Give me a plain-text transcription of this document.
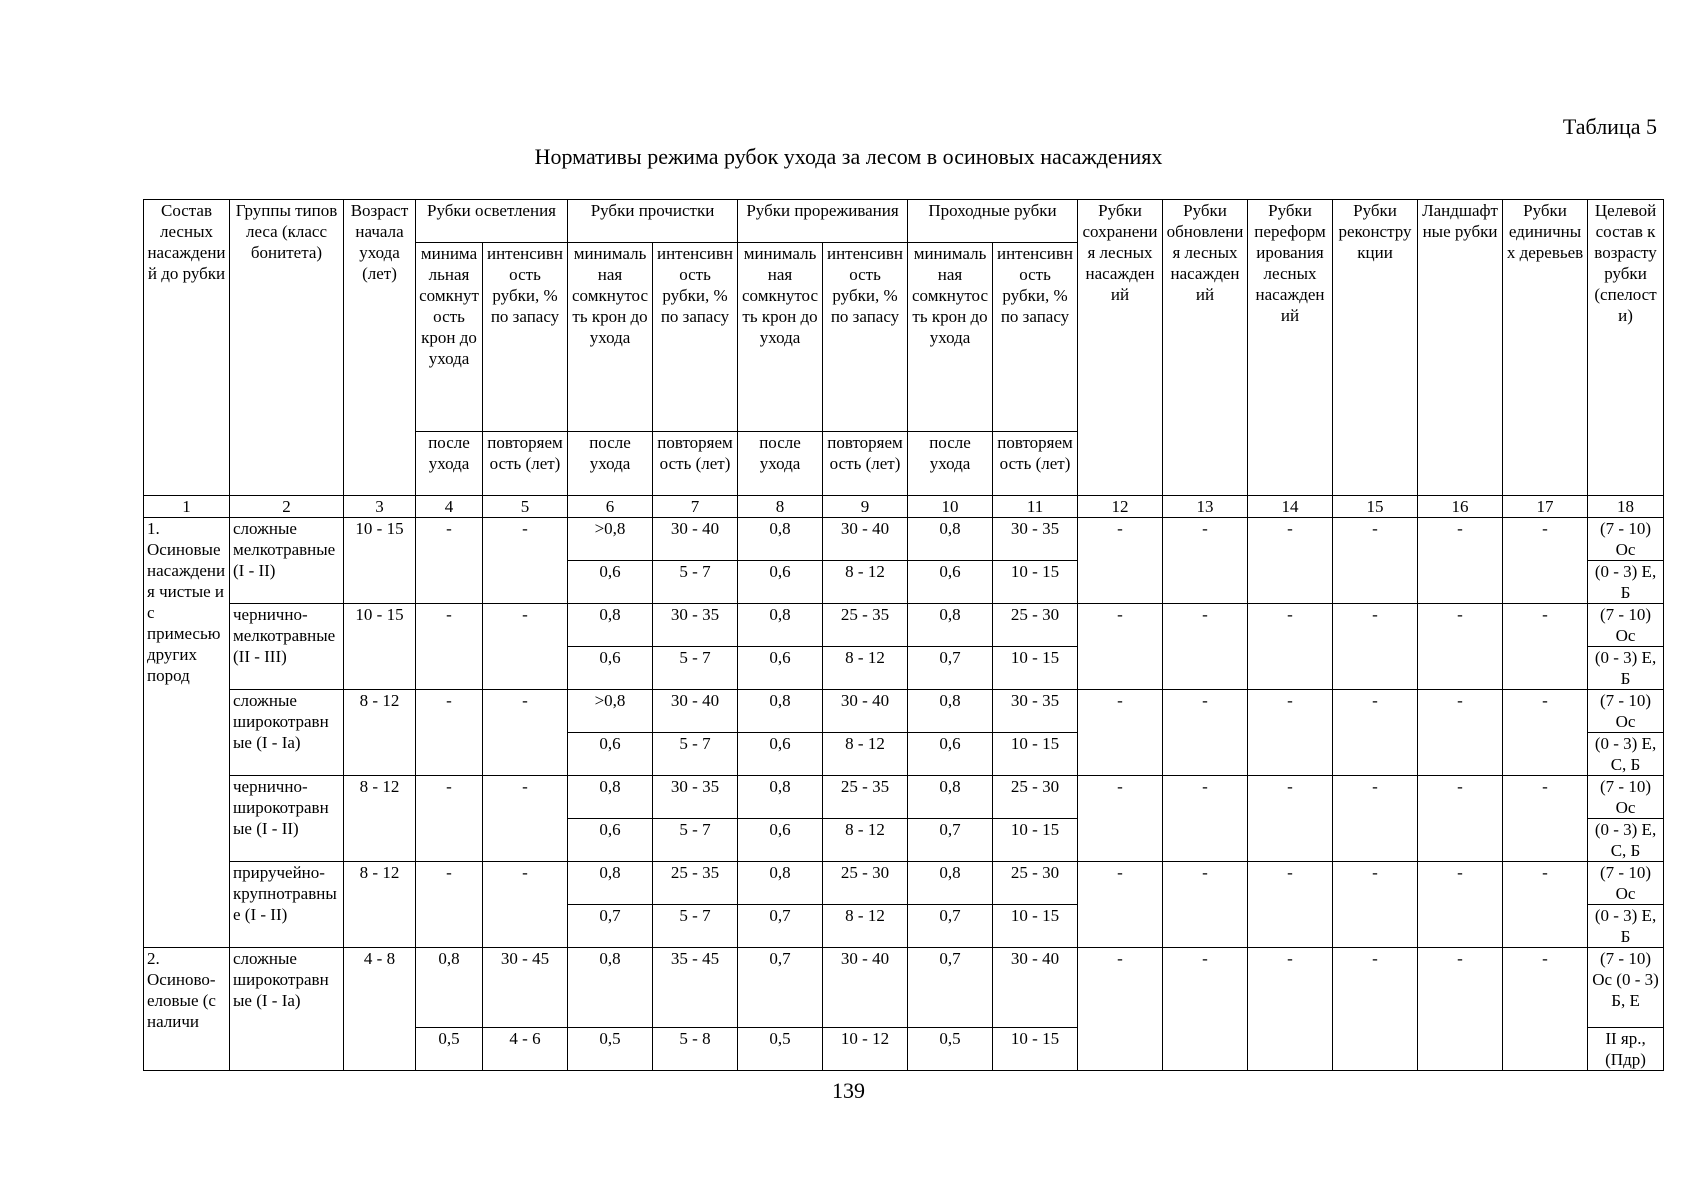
Таблица 5
Нормативы режима рубок ухода за лесом в осиновых насаждениях
Состав лесных насаждений до рубки	Группы типов леса (класс бонитета)	Возраст начала ухода (лет)	Рубки осветления		Рубки прочистки		Рубки прореживания		Проходные рубки		Рубки сохранения лесных насаждений	Рубки обновления лесных насаждений	Рубки переформирования лесных насаждений	Рубки реконструкции	Ландшафтные рубки	Рубки единичных деревьев	Целевой состав к возрасту рубки (спелости)
			минимальная сомкнутость крон до ухода	интенсивность рубки, % по запасу	минимальная сомкнутость крон до ухода	интенсивность рубки, % по запасу	минимальная сомкнутость крон до ухода	интенсивность рубки, % по запасу	минимальная сомкнутость крон до ухода	интенсивность рубки, % по запасу							
			после ухода	повторяемость (лет)	после ухода	повторяемость (лет)	после ухода	повторяемость (лет)	после ухода	повторяемость (лет)							
1	2	3	4	5	6	7	8	9	10	11	12	13	14	15	16	17	18
1. Осиновые насаждения чистые и с примесью других пород	сложные мелкотравные (I - II)	10 - 15	-	-	>0,8	30 - 40	0,8	30 - 40	0,8	30 - 35	-	-	-	-	-	-	(7 - 10) Ос
					0,6	5 - 7	0,6	8 - 12	0,6	10 - 15							(0 - 3) Е, Б
	чернично-мелкотравные (II - III)	10 - 15	-	-	0,8	30 - 35	0,8	25 - 35	0,8	25 - 30	-	-	-	-	-	-	(7 - 10) Ос
					0,6	5 - 7	0,6	8 - 12	0,7	10 - 15							(0 - 3) Е, Б
	сложные широкотравные (I - Iа)	8 - 12	-	-	>0,8	30 - 40	0,8	30 - 40	0,8	30 - 35	-	-	-	-	-	-	(7 - 10) Ос
					0,6	5 - 7	0,6	8 - 12	0,6	10 - 15							(0 - 3) Е, С, Б
	чернично-широкотравные (I - II)	8 - 12	-	-	0,8	30 - 35	0,8	25 - 35	0,8	25 - 30	-	-	-	-	-	-	(7 - 10) Ос
					0,6	5 - 7	0,6	8 - 12	0,7	10 - 15							(0 - 3) Е, С, Б
	приручейно-крупнотравные (I - II)	8 - 12	-	-	0,8	25 - 35	0,8	25 - 30	0,8	25 - 30	-	-	-	-	-	-	(7 - 10) Ос
					0,7	5 - 7	0,7	8 - 12	0,7	10 - 15							(0 - 3) Е, Б
2. Осиново-еловые (с наличи	сложные широкотравные (I - Iа)	4 - 8	0,8	30 - 45	0,8	35 - 45	0,7	30 - 40	0,7	30 - 40	-	-	-	-	-	-	(7 - 10) Ос (0 - 3) Б, Е
			0,5	4 - 6	0,5	5 - 8	0,5	10 - 12	0,5	10 - 15							II яр., (Пдр)
139
